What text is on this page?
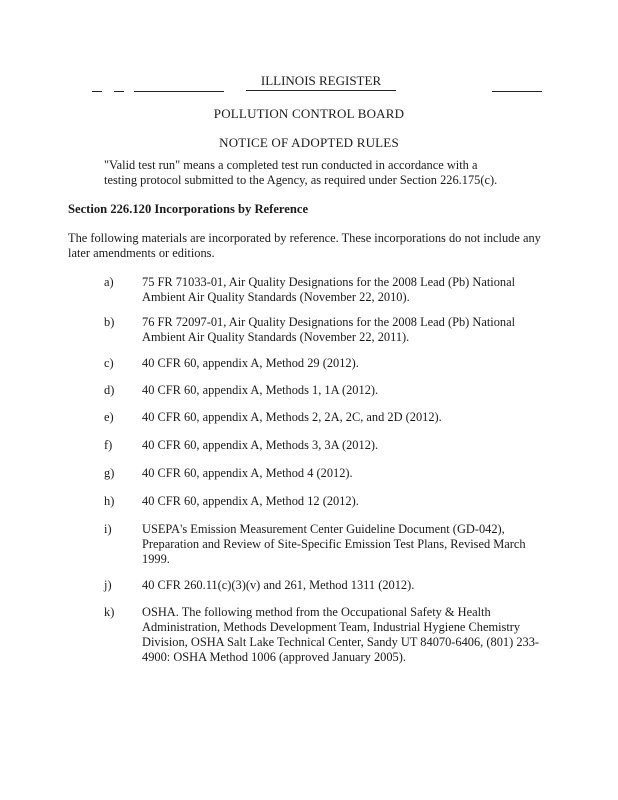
ILLINOIS REGISTER
POLLUTION CONTROL BOARD
NOTICE OF ADOPTED RULES
"Valid test run" means a completed test run conducted in accordance with a testing protocol submitted to the Agency, as required under Section 226.175(c).
Section 226.120 Incorporations by Reference
The following materials are incorporated by reference. These incorporations do not include any later amendments or editions.
a) 75 FR 71033-01, Air Quality Designations for the 2008 Lead (Pb) National Ambient Air Quality Standards (November 22, 2010).
b) 76 FR 72097-01, Air Quality Designations for the 2008 Lead (Pb) National Ambient Air Quality Standards (November 22, 2011).
c) 40 CFR 60, appendix A, Method 29 (2012).
d) 40 CFR 60, appendix A, Methods 1, 1A (2012).
e) 40 CFR 60, appendix A, Methods 2, 2A, 2C, and 2D (2012).
f) 40 CFR 60, appendix A, Methods 3, 3A (2012).
g) 40 CFR 60, appendix A, Method 4 (2012).
h) 40 CFR 60, appendix A, Method 12 (2012).
i) USEPA's Emission Measurement Center Guideline Document (GD-042), Preparation and Review of Site-Specific Emission Test Plans, Revised March 1999.
j) 40 CFR 260.11(c)(3)(v) and 261, Method 1311 (2012).
k) OSHA. The following method from the Occupational Safety & Health Administration, Methods Development Team, Industrial Hygiene Chemistry Division, OSHA Salt Lake Technical Center, Sandy UT 84070-6406, (801) 233-4900: OSHA Method 1006 (approved January 2005).
